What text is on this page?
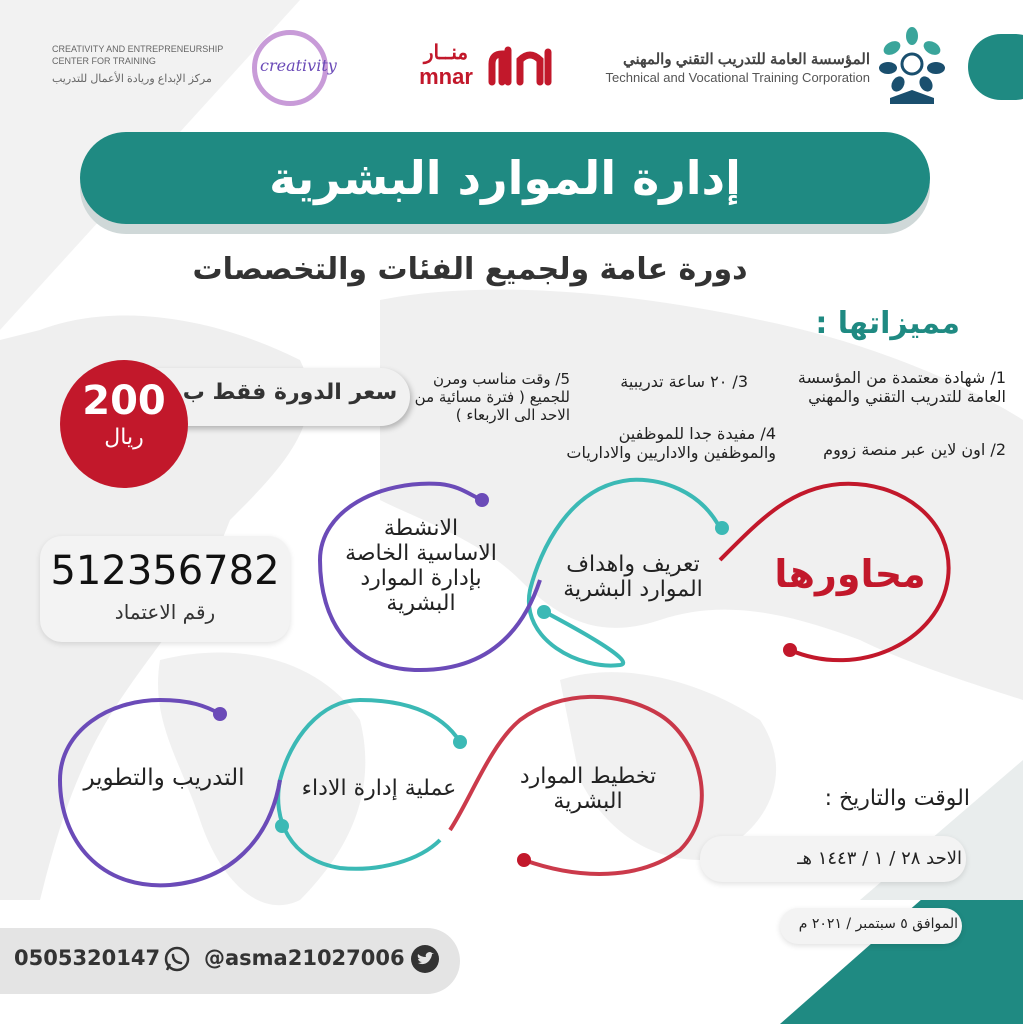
المؤسسة العامة للتدريب التقني والمهني
Technical and Vocational Training Corporation
منــار
mnar
creativity
CREATIVITY AND ENTREPRENEURSHIP
CENTER FOR TRAINING
مركز الإبداع وريادة الأعمال للتدريب
إدارة الموارد البشرية
دورة عامة ولجميع الفئات والتخصصات
مميزاتها :
1/ شهادة معتمدة من المؤسسة
العامة للتدريب التقني والمهني
2/ اون لاين عبر منصة زووم
3/ ٢٠ ساعة تدريبية
4/ مفيدة جدا للموظفين
والموظفين والاداريين والاداريات
5/ وقت مناسب ومرن
للجميع ( فترة مسائية من
الاحد الى الاربعاء )
سعر الدورة فقط ب
200
ريال
512356782
رقم الاعتماد
محاورها
تعريف واهداف
الموارد البشرية
الانشطة
الاساسية الخاصة
بإدارة الموارد
البشرية
تخطيط الموارد
البشرية
عملية إدارة الاداء
التدريب والتطوير
الوقت والتاريخ :
الاحد ٢٨ / ١ / ١٤٤٣ هـ
الموافق ٥ سبتمبر / ٢٠٢١ م
0505320147 @asma21027006
